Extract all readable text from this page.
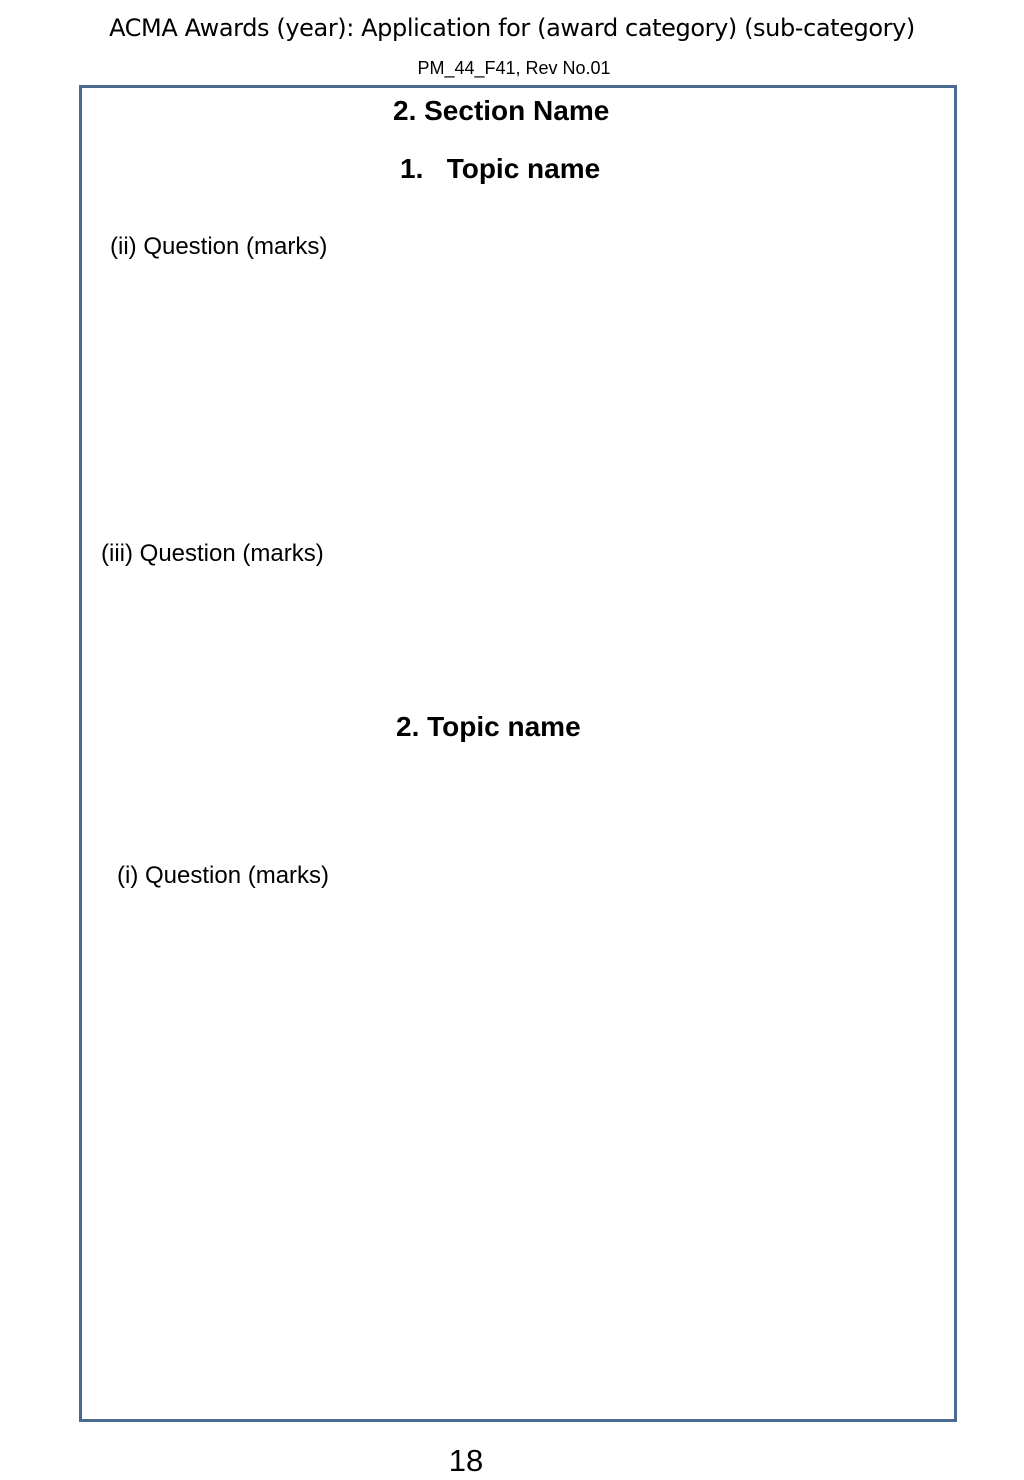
ACMA Awards (year): Application for (award category) (sub-category)
PM_44_F41, Rev No.01
2. Section Name
1.   Topic name
(ii) Question (marks)
(iii) Question (marks)
2. Topic name
(i) Question (marks)
18
